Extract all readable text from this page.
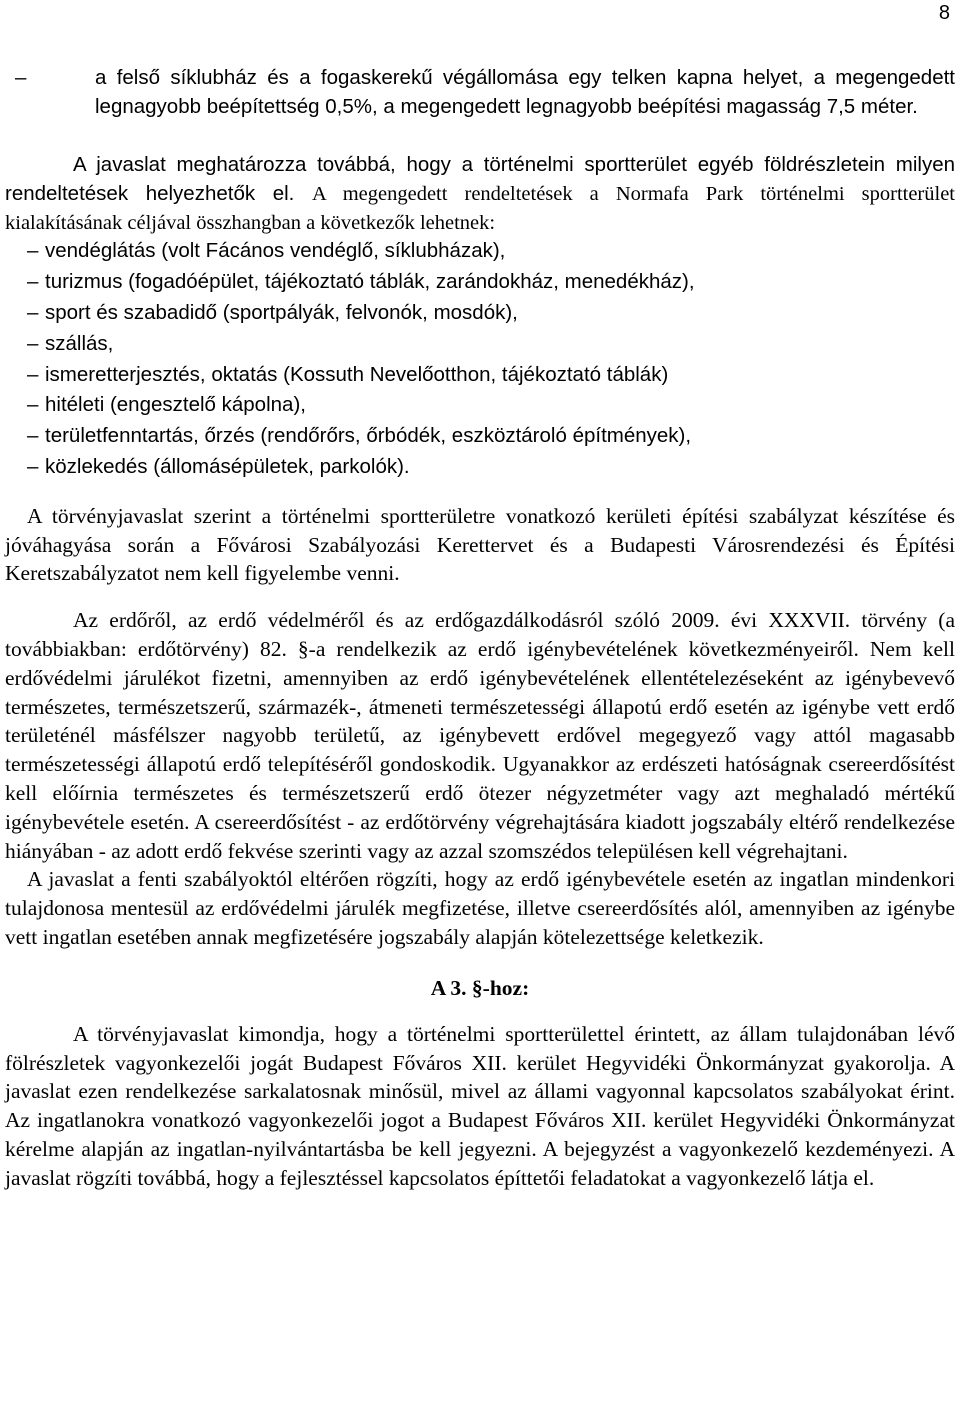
8

–	a felső síklubház és a fogaskerekű végállomása egy telken kapna helyet, a megengedett legnagyobb beépítettség 0,5%, a megengedett legnagyobb beépítési magasság 7,5 méter.

A javaslat meghatározza továbbá, hogy a történelmi sportterület egyéb földrészletein milyen rendeltetések helyezhetők el. A megengedett rendeltetések a Normafa Park történelmi sportterület kialakításának céljával összhangban a következők lehetnek:

– vendéglátás (volt Fácános vendéglő, síklubházak),
– turizmus (fogadóépület, tájékoztató táblák, zarándokház, menedékház),
– sport és szabadidő (sportpályák, felvonók, mosdók),
– szállás,
– ismeretterjesztés, oktatás (Kossuth Nevelőotthon, tájékoztató táblák)
– hitéleti (engesztelő kápolna),
– területfenntartás, őrzés (rendőrőrs, őrbódék, eszköztároló építmények),
– közlekedés (állomásépületek, parkolók).

A törvényjavaslat szerint a történelmi sportterületre vonatkozó kerületi építési szabályzat készítése és jóváhagyása során a Fővárosi Szabályozási Kerettervet és a Budapesti Városrendezési és Építési Keretszabályzatot nem kell figyelembe venni.

Az erdőről, az erdő védelméről és az erdőgazdálkodásról szóló 2009. évi XXXVII. törvény (a továbbiakban: erdőtörvény) 82. §-a rendelkezik az erdő igénybevételének következményeiről. Nem kell erdővédelmi járulékot fizetni, amennyiben az erdő igénybevételének ellentételezéseként az igénybevevő természetes, természetszerű, származék-, átmeneti természetességi állapotú erdő esetén az igénybe vett erdő területénél másfélszer nagyobb területű, az igénybevett erdővel megegyező vagy attól magasabb természetességi állapotú erdő telepítéséről gondoskodik. Ugyanakkor az erdészeti hatóságnak csereerdősítést kell előírnia természetes és természetszerű erdő ötezer négyzetméter vagy azt meghaladó mértékű igénybevétele esetén. A csereerdősítést - az erdőtörvény végrehajtására kiadott jogszabály eltérő rendelkezése hiányában - az adott erdő fekvése szerinti vagy az azzal szomszédos településen kell végrehajtani.

A javaslat a fenti szabályoktól eltérően rögzíti, hogy az erdő igénybevétele esetén az ingatlan mindenkori tulajdonosa mentesül az erdővédelmi járulék megfizetése, illetve csereerdősítés alól, amennyiben az igénybe vett ingatlan esetében annak megfizetésére jogszabály alapján kötelezettsége keletkezik.

A 3. §-hoz:

A törvényjavaslat kimondja, hogy a történelmi sportterülettel érintett, az állam tulajdonában lévő fölrészletek vagyonkezelői jogát Budapest Főváros XII. kerület Hegyvidéki Önkormányzat gyakorolja. A javaslat ezen rendelkezése sarkalatosnak minősül, mivel az állami vagyonnal kapcsolatos szabályokat érint. Az ingatlanokra vonatkozó vagyonkezelői jogot a Budapest Főváros XII. kerület Hegyvidéki Önkormányzat kérelme alapján az ingatlan-nyilvántartásba be kell jegyezni. A bejegyzést a vagyonkezelő kezdeményezi. A javaslat rögzíti továbbá, hogy a fejlesztéssel kapcsolatos építtetői feladatokat a vagyonkezelő látja el.
